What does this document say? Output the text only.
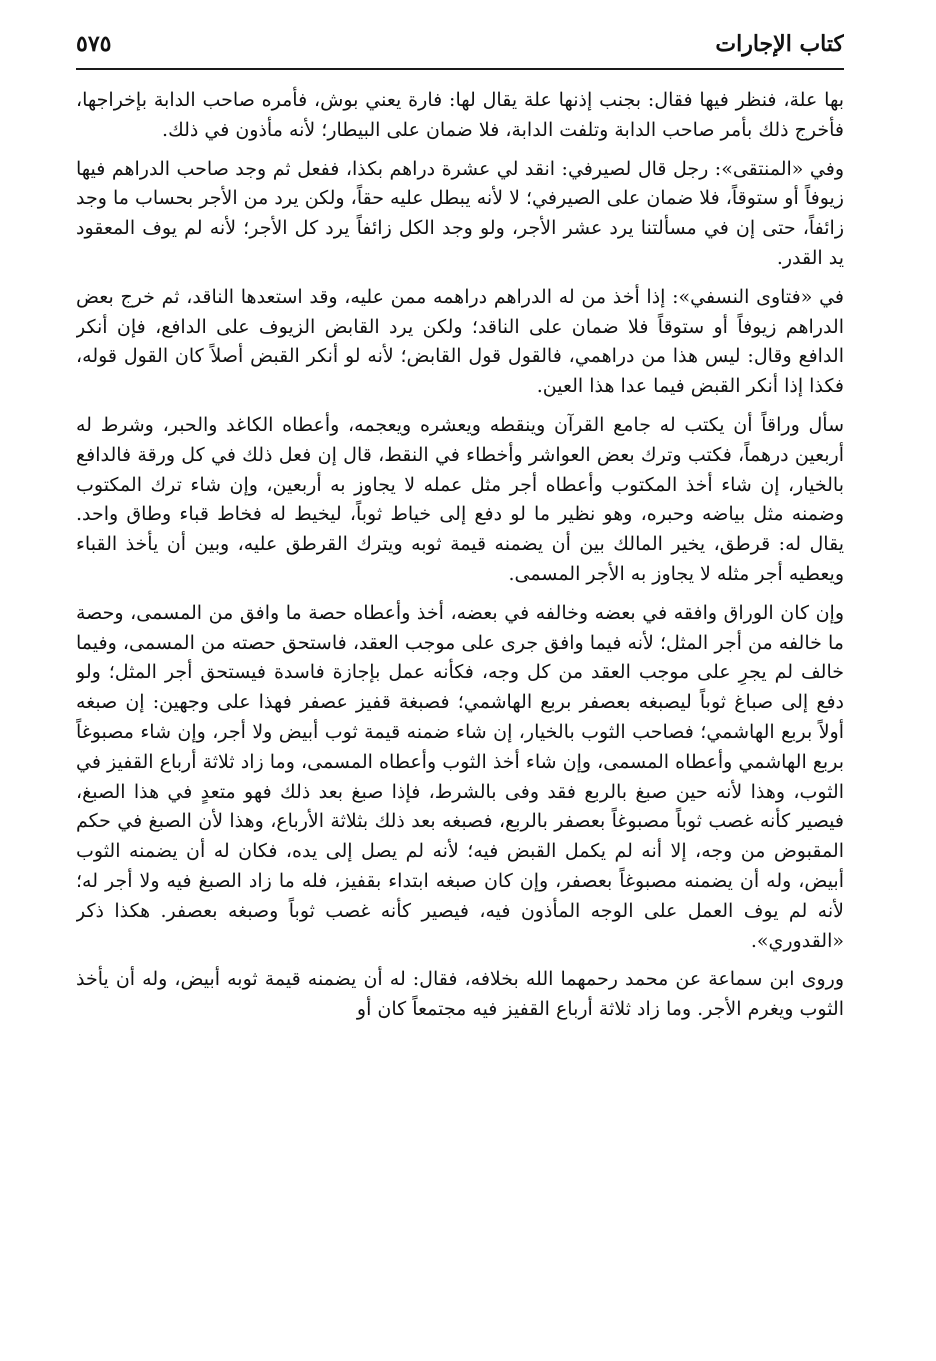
كتاب الإجارات
٥٧٥

بها علة، فنظر فيها فقال: بجنب إذنها علة يقال لها: فارة يعني بوش، فأمره صاحب الدابة بإخراجها، فأخرج ذلك بأمر صاحب الدابة وتلفت الدابة، فلا ضمان على البيطار؛ لأنه مأذون في ذلك.

وفي «المنتقى»: رجل قال لصيرفي: انقد لي عشرة دراهم بكذا، ففعل ثم وجد صاحب الدراهم فيها زيوفاً أو ستوقاً، فلا ضمان على الصيرفي؛ لا لأنه يبطل عليه حقاً، ولكن يرد من الأجر بحساب ما وجد زائفاً، حتى إن في مسألتنا يرد عشر الأجر، ولو وجد الكل زائفاً يرد كل الأجر؛ لأنه لم يوف المعقود يد القدر.

في «فتاوى النسفي»: إذا أخذ من له الدراهم دراهمه ممن عليه، وقد استعدها الناقد، ثم خرج بعض الدراهم زيوفاً أو ستوقاً فلا ضمان على الناقد؛ ولكن يرد القابض الزيوف على الدافع، فإن أنكر الدافع وقال: ليس هذا من دراهمي، فالقول قول القابض؛ لأنه لو أنكر القبض أصلاً كان القول قوله، فكذا إذا أنكر القبض فيما عدا هذا العين.

سأل وراقاً أن يكتب له جامع القرآن وينقطه ويعشره ويعجمه، وأعطاه الكاغد والحبر، وشرط له أربعين درهماً، فكتب وترك بعض العواشر وأخطاء في النقط، قال إن فعل ذلك في كل ورقة فالدافع بالخيار، إن شاء أخذ المكتوب وأعطاه أجر مثل عمله لا يجاوز به أربعين، وإن شاء ترك المكتوب وضمنه مثل بياضه وحبره، وهو نظير ما لو دفع إلى خياط ثوباً، ليخيط له فخاط قباء وطاق واحد. يقال له: قرطق، يخير المالك بين أن يضمنه قيمة ثوبه ويترك القرطق عليه، وبين أن يأخذ القباء ويعطيه أجر مثله لا يجاوز به الأجر المسمى.

وإن كان الوراق وافقه في بعضه وخالفه في بعضه، أخذ وأعطاه حصة ما وافق من المسمى، وحصة ما خالفه من أجر المثل؛ لأنه فيما وافق جرى على موجب العقد، فاستحق حصته من المسمى، وفيما خالف لم يجرِ على موجب العقد من كل وجه، فكأنه عمل بإجازة فاسدة فيستحق أجر المثل؛ ولو دفع إلى صباغ ثوباً ليصبغه بعصفر بربع الهاشمي؛ فصبغة قفيز عصفر فهذا على وجهين: إن صبغه أولاً بربع الهاشمي؛ فصاحب الثوب بالخيار، إن شاء ضمنه قيمة ثوب أبيض ولا أجر، وإن شاء مصبوغاً بربع الهاشمي وأعطاه المسمى، وإن شاء أخذ الثوب وأعطاه المسمى، وما زاد ثلاثة أرباع القفيز في الثوب، وهذا لأنه حين صبغ بالربع فقد وفى بالشرط، فإذا صبغ بعد ذلك فهو متعدٍ في هذا الصبغ، فيصير كأنه غصب ثوباً مصبوغاً بعصفر بالربع، فصبغه بعد ذلك بثلاثة الأرباع، وهذا لأن الصبغ في حكم المقبوض من وجه، إلا أنه لم يكمل القبض فيه؛ لأنه لم يصل إلى يده، فكان له أن يضمنه الثوب أبيض، وله أن يضمنه مصبوغاً بعصفر، وإن كان صبغه ابتداء بقفيز، فله ما زاد الصبغ فيه ولا أجر له؛ لأنه لم يوف العمل على الوجه المأذون فيه، فيصير كأنه غصب ثوباً وصبغه بعصفر. هكذا ذكر «القدوري».

وروى ابن سماعة عن محمد رحمهما الله بخلافه، فقال: له أن يضمنه قيمة ثوبه أبيض، وله أن يأخذ الثوب ويغرم الأجر. وما زاد ثلاثة أرباع القفيز فيه مجتمعاً كان أو
